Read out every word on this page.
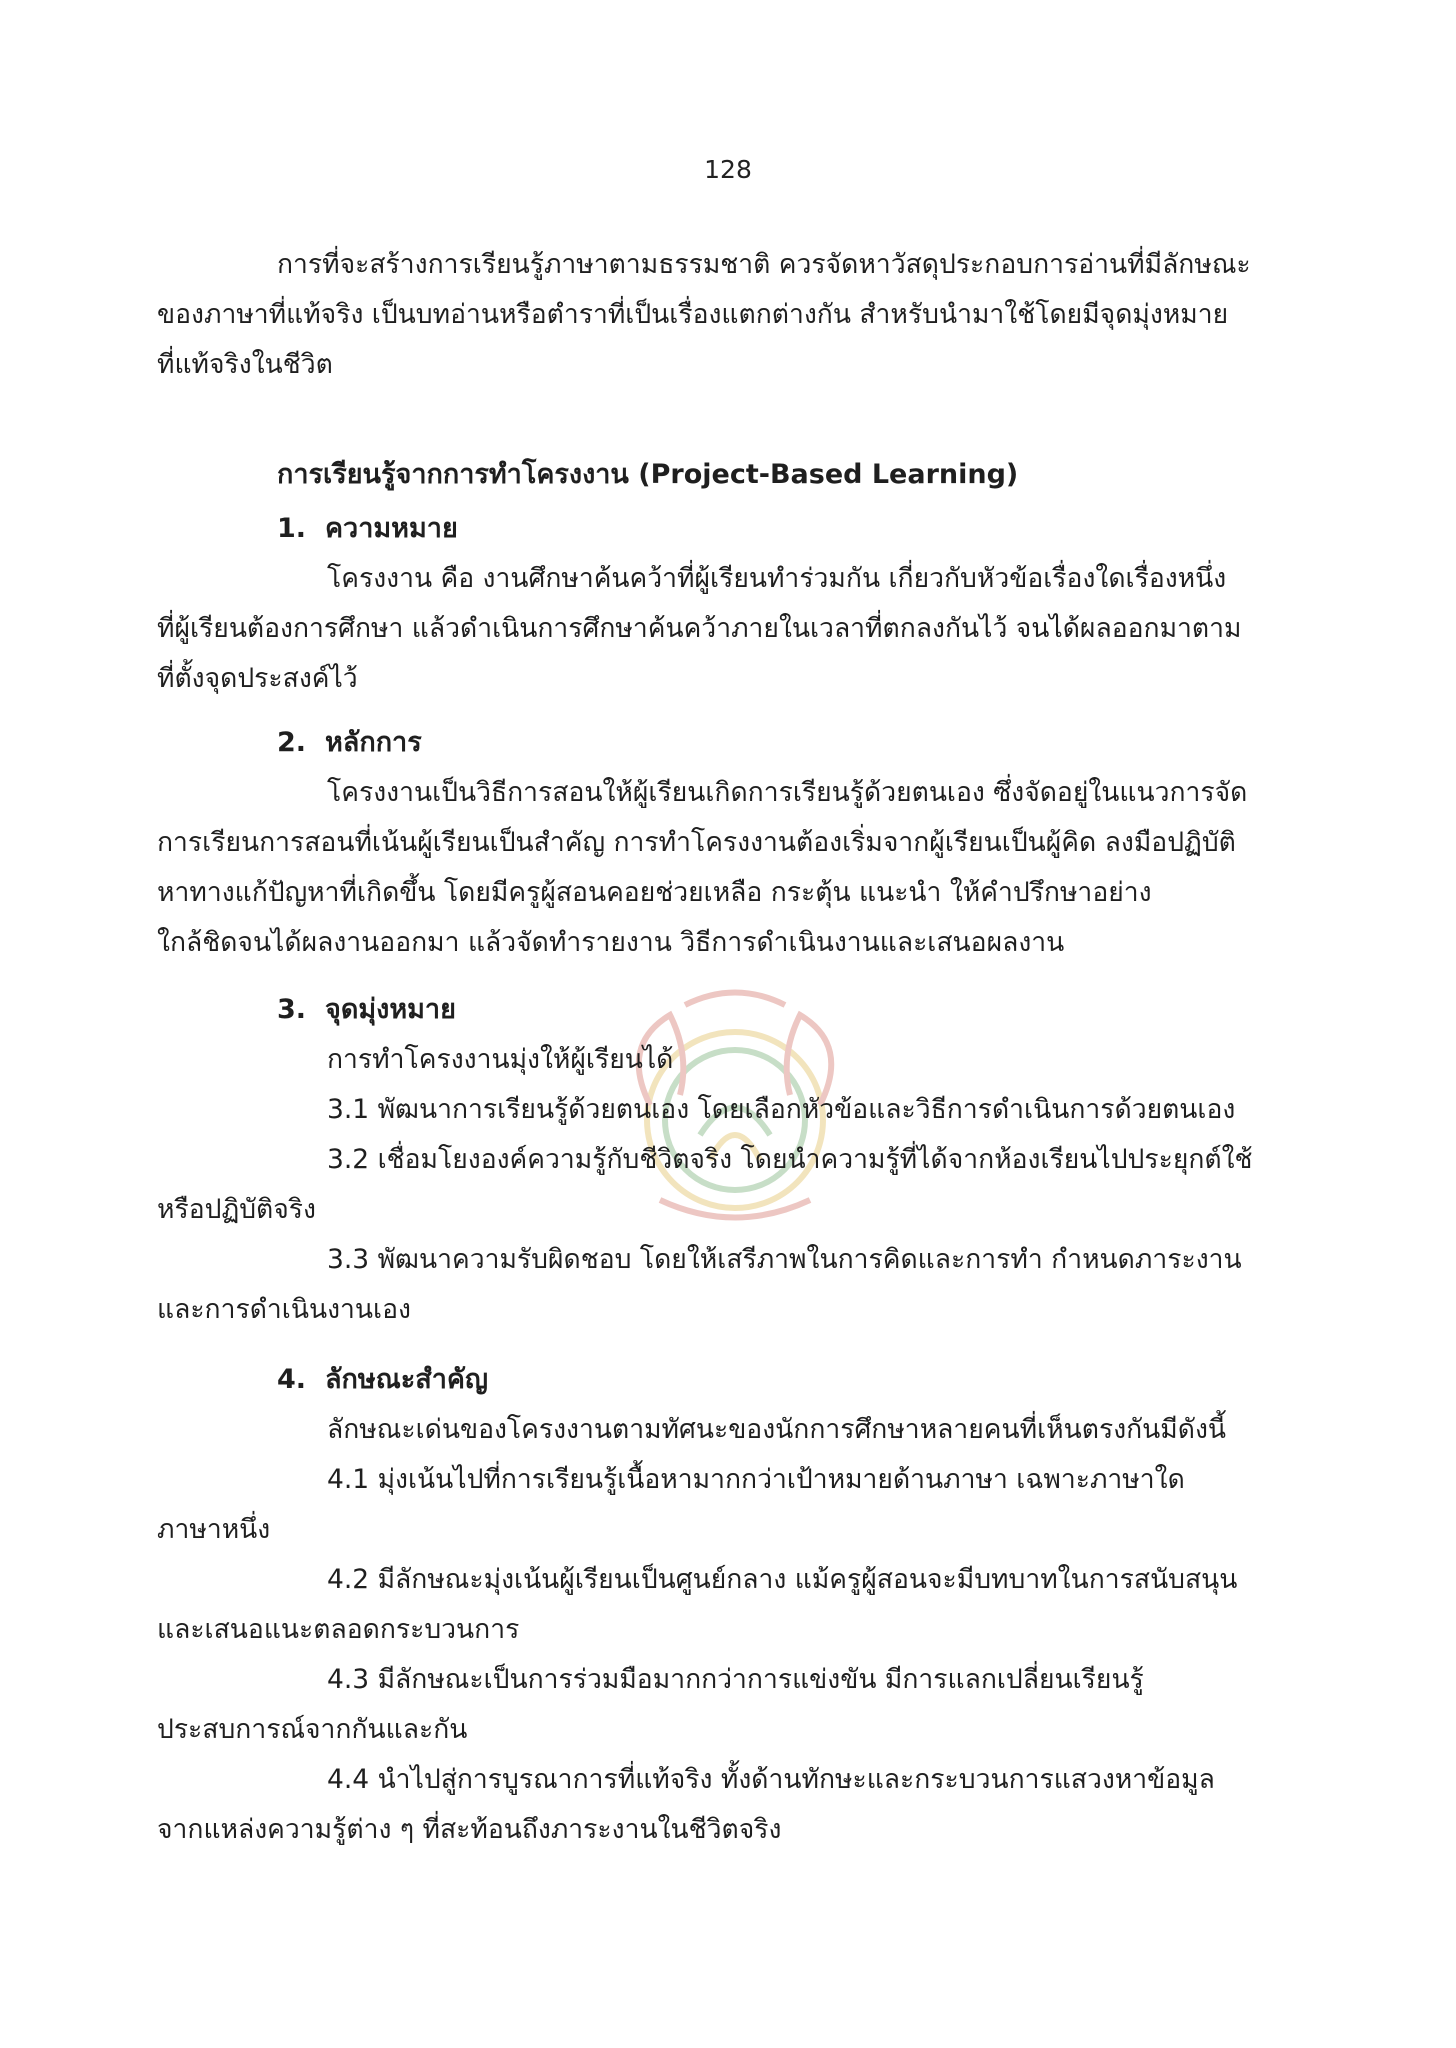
128

การที่จะสร้างการเรียนรู้ภาษาตามธรรมชาติ ควรจัดหาวัสดุประกอบการอ่านที่มีลักษณะ

ของภาษาที่แท้จริง เป็นบทอ่านหรือตำราที่เป็นเรื่องแตกต่างกัน สำหรับนำมาใช้โดยมีจุดมุ่งหมาย

ที่แท้จริงในชีวิต

การเรียนรู้จากการทำโครงงาน (Project-Based Learning)

1. ความหมาย

โครงงาน คือ งานศึกษาค้นคว้าที่ผู้เรียนทำร่วมกัน เกี่ยวกับหัวข้อเรื่องใดเรื่องหนึ่ง

ที่ผู้เรียนต้องการศึกษา แล้วดำเนินการศึกษาค้นคว้าภายในเวลาที่ตกลงกันไว้ จนได้ผลออกมาตาม

ที่ตั้งจุดประสงค์ไว้

2. หลักการ

โครงงานเป็นวิธีการสอนให้ผู้เรียนเกิดการเรียนรู้ด้วยตนเอง ซึ่งจัดอยู่ในแนวการจัด

การเรียนการสอนที่เน้นผู้เรียนเป็นสำคัญ การทำโครงงานต้องเริ่มจากผู้เรียนเป็นผู้คิด ลงมือปฏิบัติ

หาทางแก้ปัญหาที่เกิดขึ้น โดยมีครูผู้สอนคอยช่วยเหลือ กระตุ้น แนะนำ ให้คำปรึกษาอย่าง

ใกล้ชิดจนได้ผลงานออกมา แล้วจัดทำรายงาน วิธีการดำเนินงานและเสนอผลงาน

3. จุดมุ่งหมาย

การทำโครงงานมุ่งให้ผู้เรียนได้

3.1 พัฒนาการเรียนรู้ด้วยตนเอง โดยเลือกหัวข้อและวิธีการดำเนินการด้วยตนเอง

3.2 เชื่อมโยงองค์ความรู้กับชีวิตจริง โดยนำความรู้ที่ได้จากห้องเรียนไปประยุกต์ใช้

หรือปฏิบัติจริง

3.3 พัฒนาความรับผิดชอบ โดยให้เสรีภาพในการคิดและการทำ กำหนดภาระงาน

และการดำเนินงานเอง

4. ลักษณะสำคัญ

ลักษณะเด่นของโครงงานตามทัศนะของนักการศึกษาหลายคนที่เห็นตรงกันมีดังนี้

4.1 มุ่งเน้นไปที่การเรียนรู้เนื้อหามากกว่าเป้าหมายด้านภาษา เฉพาะภาษาใด

ภาษาหนึ่ง

4.2 มีลักษณะมุ่งเน้นผู้เรียนเป็นศูนย์กลาง แม้ครูผู้สอนจะมีบทบาทในการสนับสนุน

และเสนอแนะตลอดกระบวนการ

4.3 มีลักษณะเป็นการร่วมมือมากกว่าการแข่งขัน มีการแลกเปลี่ยนเรียนรู้

ประสบการณ์จากกันและกัน

4.4 นำไปสู่การบูรณาการที่แท้จริง ทั้งด้านทักษะและกระบวนการแสวงหาข้อมูล

จากแหล่งความรู้ต่าง ๆ ที่สะท้อนถึงภาระงานในชีวิตจริง
